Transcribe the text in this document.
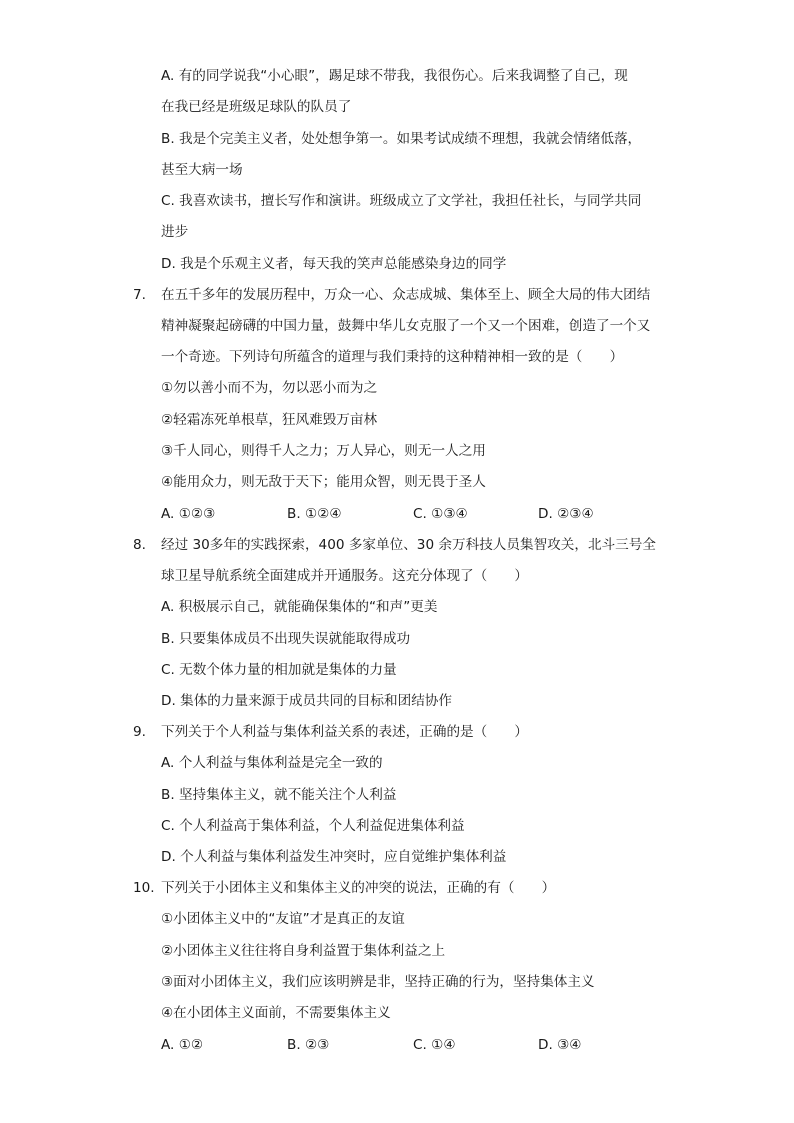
A. 有的同学说我“小心眼”，踢足球不带我，我很伤心。后来我调整了自己，现
在我已经是班级足球队的队员了
B. 我是个完美主义者，处处想争第一。如果考试成绩不理想，我就会情绪低落，
甚至大病一场
C. 我喜欢读书，擅长写作和演讲。班级成立了文学社，我担任社长，与同学共同
进步
D. 我是个乐观主义者，每天我的笑声总能感染身边的同学
7. 在五千多年的发展历程中，万众一心、众志成城、集体至上、顾全大局的伟大团结
精神凝聚起磅礴的中国力量，鼓舞中华儿女克服了一个又一个困难，创造了一个又
一个奇迹。下列诗句所蕴含的道理与我们秉持的这种精神相一致的是（　　）
①勿以善小而不为，勿以恶小而为之
②轻霜冻死单根草，狂风难毁万亩林
③千人同心，则得千人之力；万人异心，则无一人之用
④能用众力，则无敌于天下；能用众智，则无畏于圣人
A. ①②③	B. ①②④	C. ①③④	D. ②③④
8. 经过 30多年的实践探索，400 多家单位、30 余万科技人员集智攻关，北斗三号全
球卫星导航系统全面建成并开通服务。这充分体现了（　　）
A. 积极展示自己，就能确保集体的“和声”更美
B. 只要集体成员不出现失误就能取得成功
C. 无数个体力量的相加就是集体的力量
D. 集体的力量来源于成员共同的目标和团结协作
9. 下列关于个人利益与集体利益关系的表述，正确的是（　　）
A. 个人利益与集体利益是完全一致的
B. 坚持集体主义，就不能关注个人利益
C. 个人利益高于集体利益，个人利益促进集体利益
D. 个人利益与集体利益发生冲突时，应自觉维护集体利益
10. 下列关于小团体主义和集体主义的冲突的说法，正确的有（　　）
①小团体主义中的“友谊”才是真正的友谊
②小团体主义往往将自身利益置于集体利益之上
③面对小团体主义，我们应该明辨是非，坚持正确的行为，坚持集体主义
④在小团体主义面前，不需要集体主义
A. ①②	B. ②③	C. ①④	D. ③④
